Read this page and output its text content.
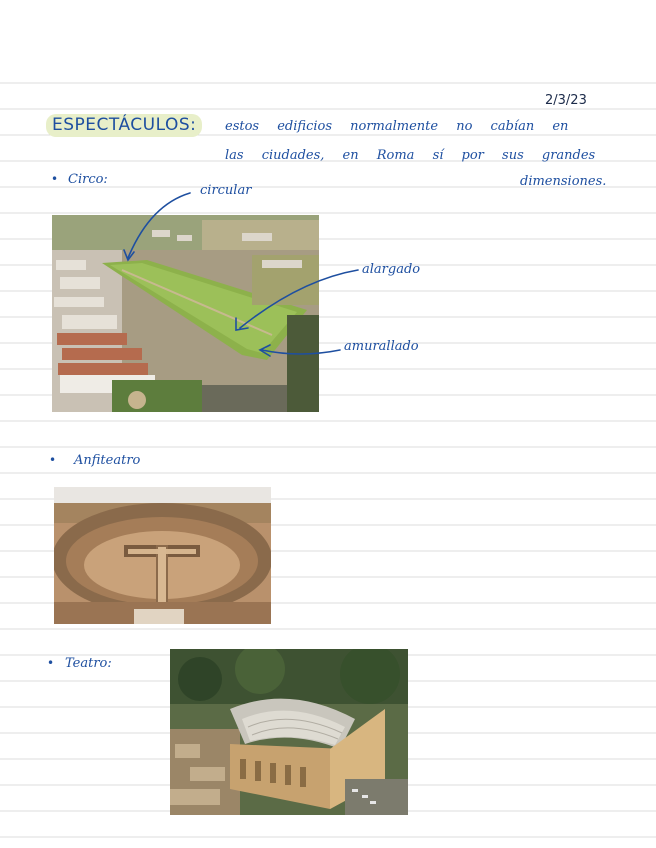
2/3/23
ESPECTÁCULOS:	estos edificios normalmente no cabían en
las ciudades, en Roma sí por sus grandes
dimensiones.
• Circo:
circular
alargado
amurallado
• Anfiteatro
• Teatro:
